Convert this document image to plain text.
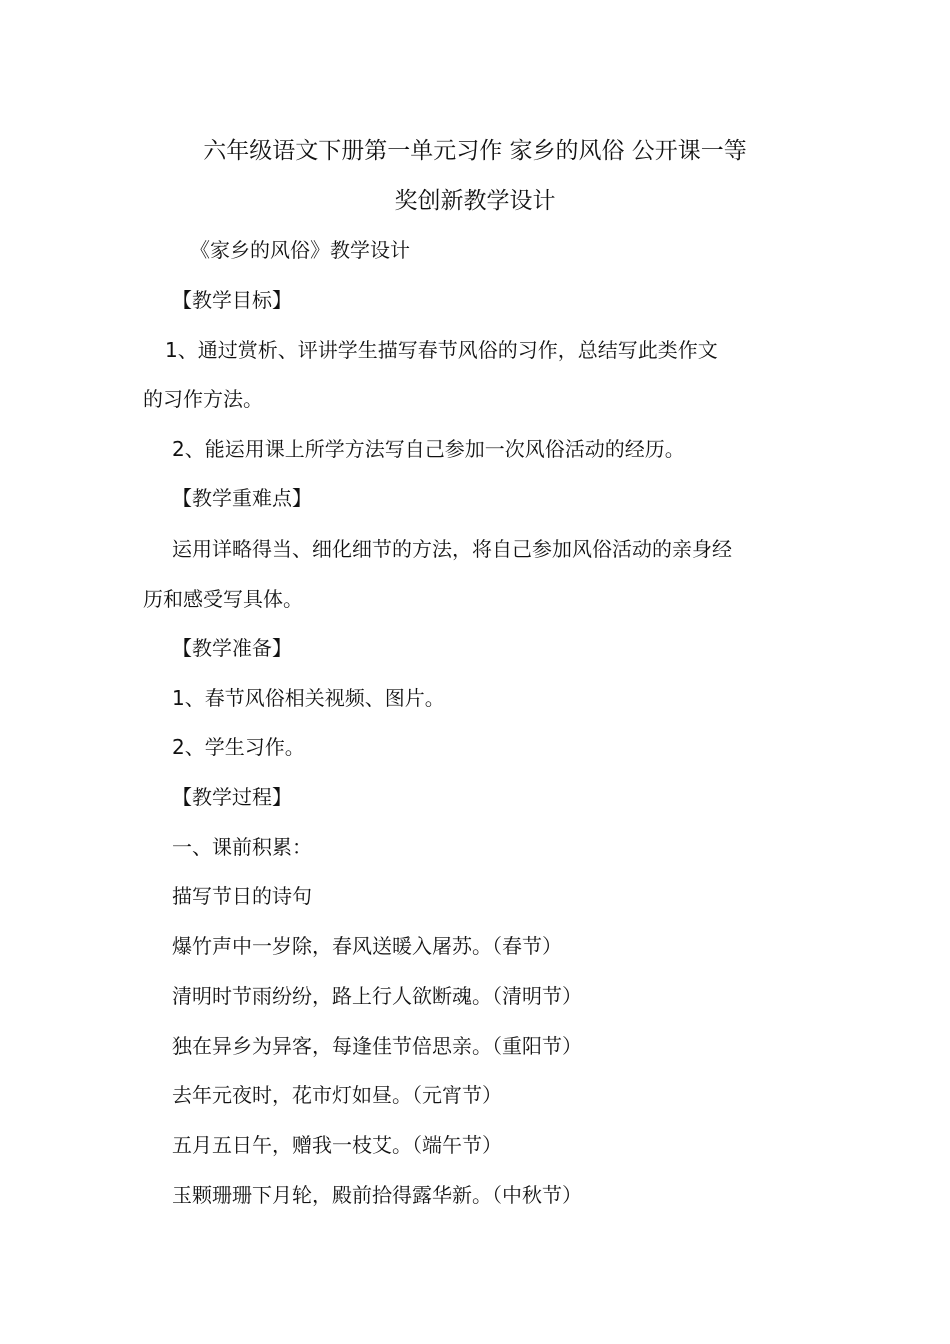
六年级语文下册第一单元习作 家乡的风俗 公开课一等
奖创新教学设计
《家乡的风俗》教学设计
【教学目标】
1、通过赏析、评讲学生描写春节风俗的习作，总结写此类作文
的习作方法。
2、能运用课上所学方法写自己参加一次风俗活动的经历。
【教学重难点】
运用详略得当、细化细节的方法，将自己参加风俗活动的亲身经
历和感受写具体。
【教学准备】
1、春节风俗相关视频、图片。
2、学生习作。
【教学过程】
一、课前积累：
描写节日的诗句
爆竹声中一岁除，春风送暖入屠苏。（春节）
清明时节雨纷纷，路上行人欲断魂。（清明节）
独在异乡为异客，每逢佳节倍思亲。（重阳节）
去年元夜时，花市灯如昼。（元宵节）
五月五日午，赠我一枝艾。（端午节）
玉颗珊珊下月轮，殿前拾得露华新。（中秋节）
